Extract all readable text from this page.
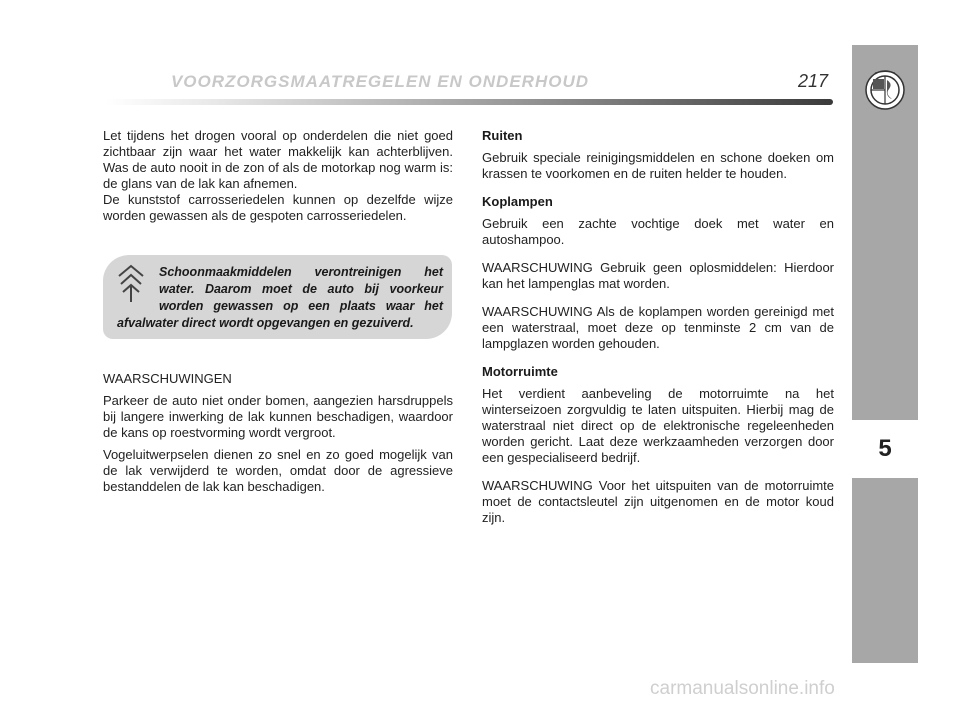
VOORZORGSMAATREGELEN EN ONDERHOUD	217
5

Let tijdens het drogen vooral op onderdelen die niet goed zichtbaar zijn waar het water makkelijk kan achterblijven. Was de auto nooit in de zon of als de motorkap nog warm is: de glans van de lak kan afnemen.

De kunststof carrosseriedelen kunnen op dezelfde wijze worden gewassen als de gespoten carrosseriedelen.

Schoonmaakmiddelen verontreinigen het water. Daarom moet de auto bij voorkeur worden gewassen op een plaats waar het afvalwater direct wordt opgevangen en gezuiverd.

WAARSCHUWINGEN

Parkeer de auto niet onder bomen, aangezien harsdruppels bij langere inwerking de lak kunnen beschadigen, waardoor de kans op roestvorming wordt vergroot.

Vogeluitwerpselen dienen zo snel en zo goed mogelijk van de lak verwijderd te worden, omdat door de agressieve bestanddelen de lak kan beschadigen.

Ruiten

Gebruik speciale reinigingsmiddelen en schone doeken om krassen te voorkomen en de ruiten helder te houden.

Koplampen

Gebruik een zachte vochtige doek met water en autoshampoo.

WAARSCHUWING Gebruik geen oplosmiddelen: Hierdoor kan het lampenglas mat worden.

WAARSCHUWING Als de koplampen worden gereinigd met een waterstraal, moet deze op tenminste 2 cm van de lampglazen worden gehouden.

Motorruimte

Het verdient aanbeveling de motorruimte na het winterseizoen zorgvuldig te laten uitspuiten. Hierbij mag de waterstraal niet direct op de elektronische regeleenheden worden gericht. Laat deze werkzaamheden verzorgen door een gespecialiseerd bedrijf.

WAARSCHUWING Voor het uitspuiten van de motorruimte moet de contactsleutel zijn uitgenomen en de motor koud zijn.

carmanualsonline.info
